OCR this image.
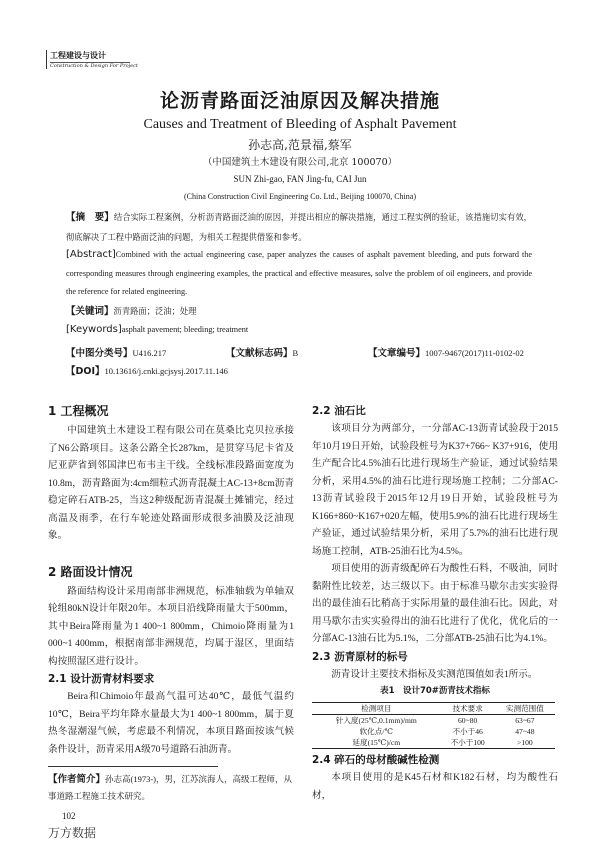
工程建设与设计
Construction & Design For Project
论沥青路面泛油原因及解决措施
Causes and Treatment of Bleeding of Asphalt Pavement
孙志高,范景福,蔡军
（中国建筑土木建设有限公司,北京 100070）
SUN Zhi-gao, FAN Jing-fu, CAI Jun
(China Construction Civil Engineering Co. Ltd., Beijing 100070, China)
【摘　要】结合实际工程案例，分析沥青路面泛油的原因，并提出相应的解决措施，通过工程实例的验证，该措施切实有效，彻底解决了工程中路面泛油的问题，为相关工程提供借鉴和参考。
[Abstract]Combined with the actual engineering case, paper analyzes the causes of asphalt pavement bleeding, and puts forward the corresponding measures through engineering examples, the practical and effective measures, solve the problem of oil engineers, and provide the reference for related engineering.
【关键词】沥青路面；泛油；处理
[Keywords]asphalt pavement; bleeding; treatment
【中图分类号】U416.217	【文献标志码】B	【文章编号】1007-9467(2017)11-0102-02
【DOI】10.13616/j.cnki.gcjsysj.2017.11.146
1 工程概况

中国建筑土木建设工程有限公司在莫桑比克贝拉承接了N6公路项目。这条公路全长287km，是贯穿马尼卡省及尼亚萨省到邻国津巴布韦主干线。全线标准段路面宽度为10.8m，沥青路面为:4cm细粒式沥青混凝土AC-13+8cm沥青稳定碎石ATB-25，当这2种级配沥青混凝土摊铺完，经过高温及雨季，在行车轮迹处路面形成很多油膜及泛油现象。

2 路面设计情况

路面结构设计采用南部非洲规范，标准轴载为单轴双轮组80kN设计年限20年。本项目沿线降雨量大于500mm，其中Beira降雨量为1 400~1 800mm，Chimoio降雨量为1 000~1 400mm，根据南部非洲规范，均属于湿区，里面结构按照湿区进行设计。

2.1 设计沥青材料要求

Beira和Chimoio年最高气温可达40℃，最低气温约10℃，Beira平均年降水量最大为1 400~1 800mm，属于夏热冬湿潮湿气候，考虑最不利情况，本项目路面按该气候条件设计，沥青采用A级70号道路石油沥青。

【作者简介】孙志高(1973-)，男，江苏滨海人，高级工程师，从事道路工程施工技术研究。
102
万方数据
2.2 油石比

该项目分为两部分，一分部AC-13沥青试验段于2015年10月19日开始，试验段桩号为K37+766~ K37+916，使用生产配合比4.5%油石比进行现场生产验证，通过试验结果分析，采用4.5%的油石比进行现场施工控制；二分部AC-13沥青试验段于2015年12月19日开始，试验段桩号为K166+860~K167+020左幅，使用5.9%的油石比进行现场生产验证，通过试验结果分析，采用了5.7%的油石比进行现场施工控制，ATB-25油石比为4.5%。

项目使用的沥青级配碎石为酸性石料，不吸油，同时黏附性比较差，达三级以下。由于标准马歇尔击实实验得出的最佳油石比稍高于实际用量的最佳油石比。因此，对用马歇尔击实实验得出的油石比进行了优化，优化后的一分部AC-13油石比为5.1%，二分部ATB-25油石比为4.1%。

2.3 沥青原材的标号

沥青设计主要技术指标及实测范围值如表1所示。

表1　设计70#沥青技术指标
检测项目	技术要求	实测范围值
针入度(25℃,0.1mm)/mm	60~80	63~67
软化点/℃	不小于46	47~48
延度(15℃)/cm	不小于100	>100
2.4 碎石的母材酸碱性检测

本项目使用的是K45石材和K182石材，均为酸性石材，
